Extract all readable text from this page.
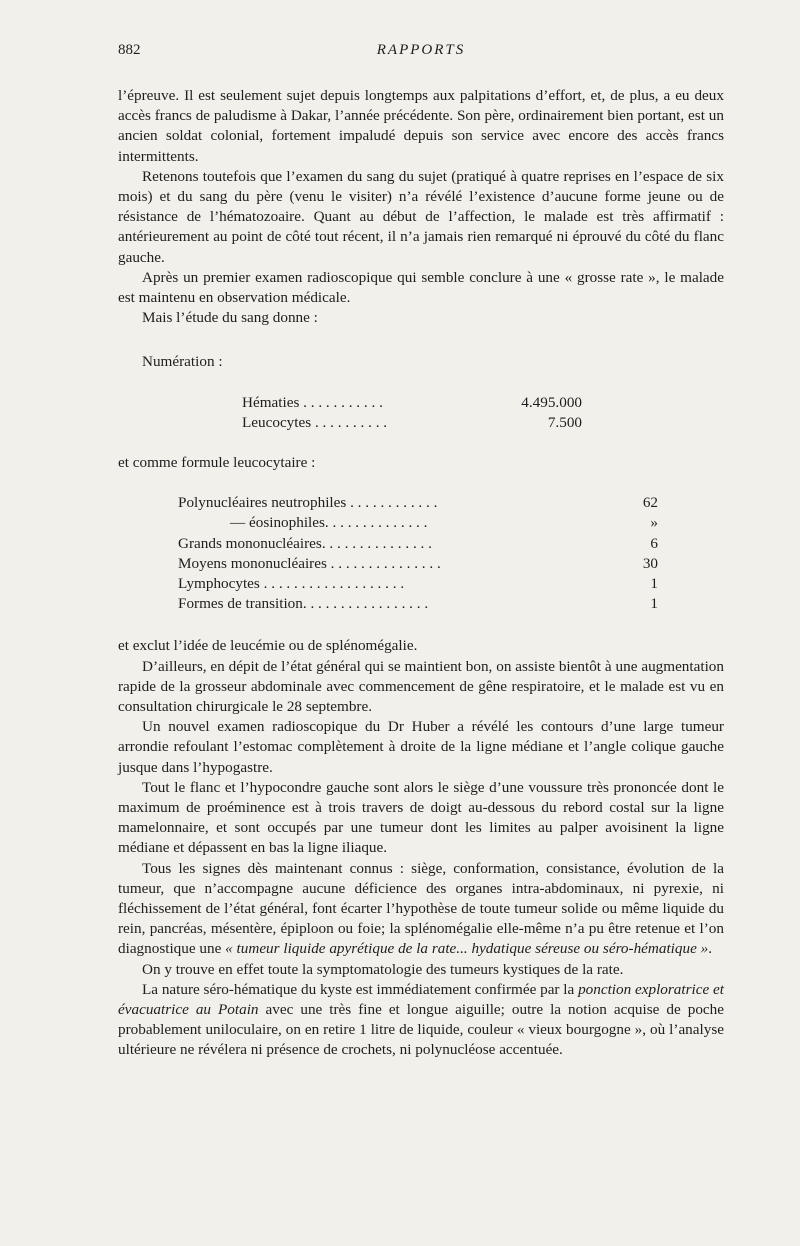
882	RAPPORTS

l’épreuve. Il est seulement sujet depuis longtemps aux palpitations d’effort, et, de plus, a eu deux accès francs de paludisme à Dakar, l’année précédente. Son père, ordinairement bien portant, est un ancien soldat colonial, fortement impaludé depuis son service avec encore des accès francs intermittents.

Retenons toutefois que l’examen du sang du sujet (pratiqué à quatre reprises en l’espace de six mois) et du sang du père (venu le visiter) n’a révélé l’existence d’aucune forme jeune ou de résistance de l’hématozoaire. Quant au début de l’affection, le malade est très affirmatif : antérieurement au point de côté tout récent, il n’a jamais rien remarqué ni éprouvé du côté du flanc gauche.

Après un premier examen radioscopique qui semble conclure à une « grosse rate », le malade est maintenu en observation médicale.

Mais l’étude du sang donne :

Numération :

Hématies . . . . . . . . . . .	4.495.000
Leucocytes . . . . . . . . . .	7.500

et comme formule leucocytaire :

Polynucléaires neutrophiles . . . . . . . . . . . .	62
— éosinophiles. . . . . . . . . . . . . .	»
Grands mononucléaires. . . . . . . . . . . . . . .	6
Moyens mononucléaires . . . . . . . . . . . . . . .	30
Lymphocytes . . . . . . . . . . . . . . . . . . .	1
Formes de transition. . . . . . . . . . . . . . . . .	1

et exclut l’idée de leucémie ou de splénomégalie.

D’ailleurs, en dépit de l’état général qui se maintient bon, on assiste bientôt à une augmentation rapide de la grosseur abdominale avec commencement de gêne respiratoire, et le malade est vu en consultation chirurgicale le 28 septembre.

Un nouvel examen radioscopique du Dr Huber a révélé les contours d’une large tumeur arrondie refoulant l’estomac complètement à droite de la ligne médiane et l’angle colique gauche jusque dans l’hypogastre.

Tout le flanc et l’hypocondre gauche sont alors le siège d’une voussure très prononcée dont le maximum de proéminence est à trois travers de doigt au-dessous du rebord costal sur la ligne mamelonnaire, et sont occupés par une tumeur dont les limites au palper avoisinent la ligne médiane et dépassent en bas la ligne iliaque.

Tous les signes dès maintenant connus : siège, conformation, consistance, évolution de la tumeur, que n’accompagne aucune déficience des organes intra-abdominaux, ni pyrexie, ni fléchissement de l’état général, font écarter l’hypothèse de toute tumeur solide ou même liquide du rein, pancréas, mésentère, épiploon ou foie; la splénomégalie elle-même n’a pu être retenue et l’on diagnostique une « tumeur liquide apyrétique de la rate... hydatique séreuse ou séro-hématique ».

On y trouve en effet toute la symptomatologie des tumeurs kystiques de la rate.

La nature séro-hématique du kyste est immédiatement confirmée par la ponction exploratrice et évacuatrice au Potain avec une très fine et longue aiguille; outre la notion acquise de poche probablement uniloculaire, on en retire 1 litre de liquide, couleur « vieux bourgogne », où l’analyse ultérieure ne révélera ni présence de crochets, ni polynucléose accentuée.
